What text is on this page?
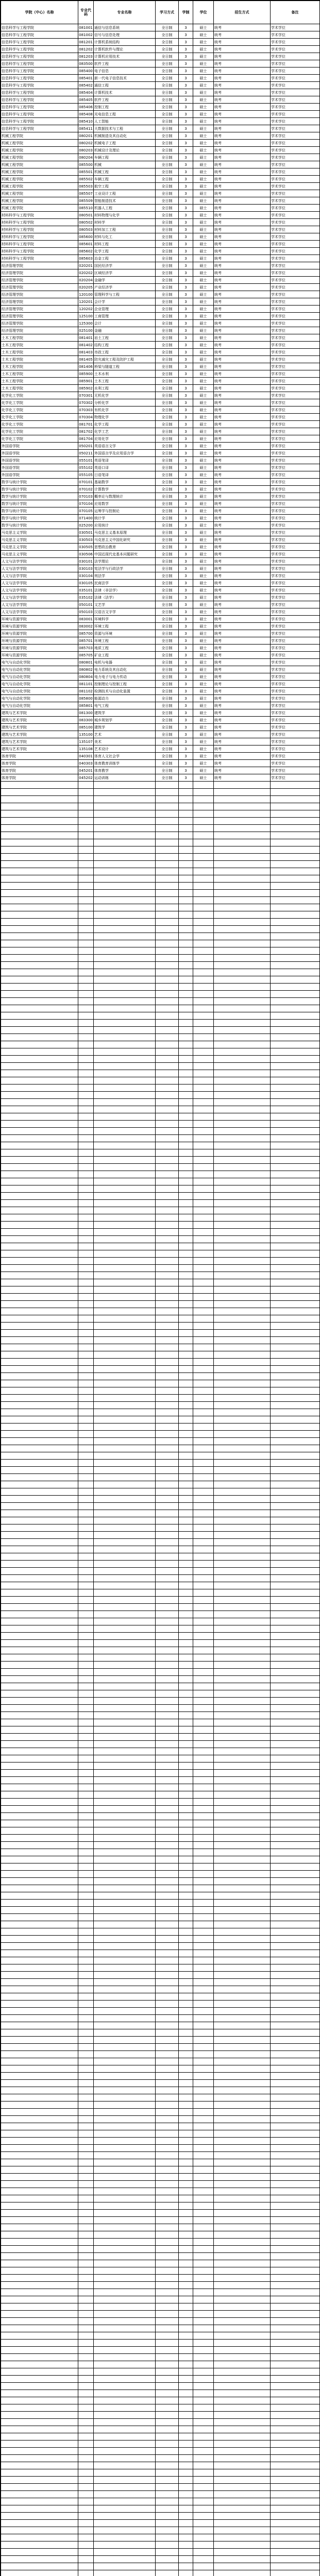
学院（中心）名称	专业代码	专业名称	学习方式	学制	学位	招生方式	备注
信息科学与工程学院	081001	通信与信息系统	全日制	3	硕士	统考	学术学位
信息科学与工程学院	081002	信号与信息处理	全日制	3	硕士	统考	学术学位
信息科学与工程学院	081201	计算机系统结构	全日制	3	硕士	统考	学术学位
信息科学与工程学院	081202	计算机软件与理论	全日制	3	硕士	统考	学术学位
信息科学与工程学院	081203	计算机应用技术	全日制	3	硕士	统考	学术学位
信息科学与工程学院	083500	软件工程	全日制	3	硕士	统考	学术学位
信息科学与工程学院	085400	电子信息	全日制	3	硕士	统考	学术学位
信息科学与工程学院	085401	新一代电子信息技术	全日制	3	硕士	统考	学术学位
信息科学与工程学院	085402	通信工程	全日制	3	硕士	统考	学术学位
信息科学与工程学院	085404	计算机技术	全日制	3	硕士	统考	学术学位
信息科学与工程学院	085405	软件工程	全日制	3	硕士	统考	学术学位
信息科学与工程学院	085406	控制工程	全日制	3	硕士	统考	学术学位
信息科学与工程学院	085408	光电信息工程	全日制	3	硕士	统考	学术学位
信息科学与工程学院	085410	人工智能	全日制	3	硕士	统考	学术学位
信息科学与工程学院	085411	大数据技术与工程	全日制	3	硕士	统考	学术学位
机械工程学院	080201	机械制造及其自动化	全日制	3	硕士	统考	学术学位
机械工程学院	080202	机械电子工程	全日制	3	硕士	统考	学术学位
机械工程学院	080203	机械设计及理论	全日制	3	硕士	统考	学术学位
机械工程学院	080204	车辆工程	全日制	3	硕士	统考	学术学位
机械工程学院	085500	机械	全日制	3	硕士	统考	学术学位
机械工程学院	085501	机械工程	全日制	3	硕士	统考	学术学位
机械工程学院	085502	车辆工程	全日制	3	硕士	统考	学术学位
机械工程学院	085503	航空工程	全日制	3	硕士	统考	学术学位
机械工程学院	085507	工业设计工程	全日制	3	硕士	统考	学术学位
机械工程学院	085509	智能制造技术	全日制	3	硕士	统考	学术学位
机械工程学院	085510	机器人工程	全日制	3	硕士	统考	学术学位
材料科学与工程学院	080501	材料物理与化学	全日制	3	硕士	统考	学术学位
材料科学与工程学院	080502	材料学	全日制	3	硕士	统考	学术学位
材料科学与工程学院	080503	材料加工工程	全日制	3	硕士	统考	学术学位
材料科学与工程学院	085600	材料与化工	全日制	3	硕士	统考	学术学位
材料科学与工程学院	085601	材料工程	全日制	3	硕士	统考	学术学位
材料科学与工程学院	085602	化学工程	全日制	3	硕士	统考	学术学位
材料科学与工程学院	085603	冶金工程	全日制	3	硕士	统考	学术学位
经济管理学院	020201	国民经济学	全日制	3	硕士	统考	学术学位
经济管理学院	020202	区域经济学	全日制	3	硕士	统考	学术学位
经济管理学院	020204	金融学	全日制	3	硕士	统考	学术学位
经济管理学院	020205	产业经济学	全日制	3	硕士	统考	学术学位
经济管理学院	120100	管理科学与工程	全日制	3	硕士	统考	学术学位
经济管理学院	120201	会计学	全日制	3	硕士	统考	学术学位
经济管理学院	120202	企业管理	全日制	3	硕士	统考	学术学位
经济管理学院	125100	工商管理	全日制	3	硕士	统考	学术学位
经济管理学院	125300	会计	全日制	3	硕士	统考	学术学位
经济管理学院	025100	金融	全日制	3	硕士	统考	学术学位
土木工程学院	081401	岩土工程	全日制	3	硕士	统考	学术学位
土木工程学院	081402	结构工程	全日制	3	硕士	统考	学术学位
土木工程学院	081403	市政工程	全日制	3	硕士	统考	学术学位
土木工程学院	081405	防灾减灾工程及防护工程	全日制	3	硕士	统考	学术学位
土木工程学院	081406	桥梁与隧道工程	全日制	3	硕士	统考	学术学位
土木工程学院	085900	土木水利	全日制	3	硕士	统考	学术学位
土木工程学院	085901	土木工程	全日制	3	硕士	统考	学术学位
土木工程学院	085902	水利工程	全日制	3	硕士	统考	学术学位
化学化工学院	070301	无机化学	全日制	3	硕士	统考	学术学位
化学化工学院	070302	分析化学	全日制	3	硕士	统考	学术学位
化学化工学院	070303	有机化学	全日制	3	硕士	统考	学术学位
化学化工学院	070304	物理化学	全日制	3	硕士	统考	学术学位
化学化工学院	081701	化学工程	全日制	3	硕士	统考	学术学位
化学化工学院	081702	化学工艺	全日制	3	硕士	统考	学术学位
化学化工学院	081704	应用化学	全日制	3	硕士	统考	学术学位
外国语学院	050201	英语语言文学	全日制	3	硕士	统考	学术学位
外国语学院	050211	外国语言学及应用语言学	全日制	3	硕士	统考	学术学位
外国语学院	055101	英语笔译	全日制	3	硕士	统考	学术学位
外国语学院	055102	英语口译	全日制	3	硕士	统考	学术学位
外国语学院	055105	日语笔译	全日制	3	硕士	统考	学术学位
数学与统计学院	070101	基础数学	全日制	3	硕士	统考	学术学位
数学与统计学院	070102	计算数学	全日制	3	硕士	统考	学术学位
数学与统计学院	070103	概率论与数理统计	全日制	3	硕士	统考	学术学位
数学与统计学院	070104	应用数学	全日制	3	硕士	统考	学术学位
数学与统计学院	070105	运筹学与控制论	全日制	3	硕士	统考	学术学位
数学与统计学院	071400	统计学	全日制	3	硕士	统考	学术学位
数学与统计学院	025200	应用统计	全日制	3	硕士	统考	学术学位
马克思主义学院	030501	马克思主义基本原理	全日制	3	硕士	统考	学术学位
马克思主义学院	030503	马克思主义中国化研究	全日制	3	硕士	统考	学术学位
马克思主义学院	030505	思想政治教育	全日制	3	硕士	统考	学术学位
马克思主义学院	030506	中国近现代史基本问题研究	全日制	3	硕士	统考	学术学位
人文与法学学院	030101	法学理论	全日制	3	硕士	统考	学术学位
人文与法学学院	030103	宪法学与行政法学	全日制	3	硕士	统考	学术学位
人文与法学学院	030104	刑法学	全日制	3	硕士	统考	学术学位
人文与法学学院	030105	民商法学	全日制	3	硕士	统考	学术学位
人文与法学学院	035101	法律（非法学）	全日制	3	硕士	统考	学术学位
人文与法学学院	035102	法律（法学）	全日制	3	硕士	统考	学术学位
人文与法学学院	050101	文艺学	全日制	3	硕士	统考	学术学位
人文与法学学院	050103	汉语言文字学	全日制	3	硕士	统考	学术学位
环境与资源学院	083001	环境科学	全日制	3	硕士	统考	学术学位
环境与资源学院	083002	环境工程	全日制	3	硕士	统考	学术学位
环境与资源学院	085700	资源与环境	全日制	3	硕士	统考	学术学位
环境与资源学院	085701	环境工程	全日制	3	硕士	统考	学术学位
环境与资源学院	085703	地质工程	全日制	3	硕士	统考	学术学位
环境与资源学院	085705	矿业工程	全日制	3	硕士	统考	学术学位
电气与自动化学院	080801	电机与电器	全日制	3	硕士	统考	学术学位
电气与自动化学院	080802	电力系统及其自动化	全日制	3	硕士	统考	学术学位
电气与自动化学院	080804	电力电子与电力传动	全日制	3	硕士	统考	学术学位
电气与自动化学院	081101	控制理论与控制工程	全日制	3	硕士	统考	学术学位
电气与自动化学院	081102	检测技术与自动化装置	全日制	3	硕士	统考	学术学位
电气与自动化学院	085800	能源动力	全日制	3	硕士	统考	学术学位
电气与自动化学院	085801	电气工程	全日制	3	硕士	统考	学术学位
建筑与艺术学院	081300	建筑学	全日制	3	硕士	统考	学术学位
建筑与艺术学院	083300	城乡规划学	全日制	3	硕士	统考	学术学位
建筑与艺术学院	085100	建筑学	全日制	3	硕士	统考	学术学位
建筑与艺术学院	135100	艺术	全日制	3	硕士	统考	学术学位
建筑与艺术学院	135107	美术	全日制	3	硕士	统考	学术学位
建筑与艺术学院	135108	艺术设计	全日制	3	硕士	统考	学术学位
体育学院	040301	体育人文社会学	全日制	3	硕士	统考	学术学位
体育学院	040303	体育教育训练学	全日制	3	硕士	统考	学术学位
体育学院	045201	体育教学	全日制	3	硕士	统考	学术学位
体育学院	045202	运动训练	全日制	3	硕士	统考	学术学位
